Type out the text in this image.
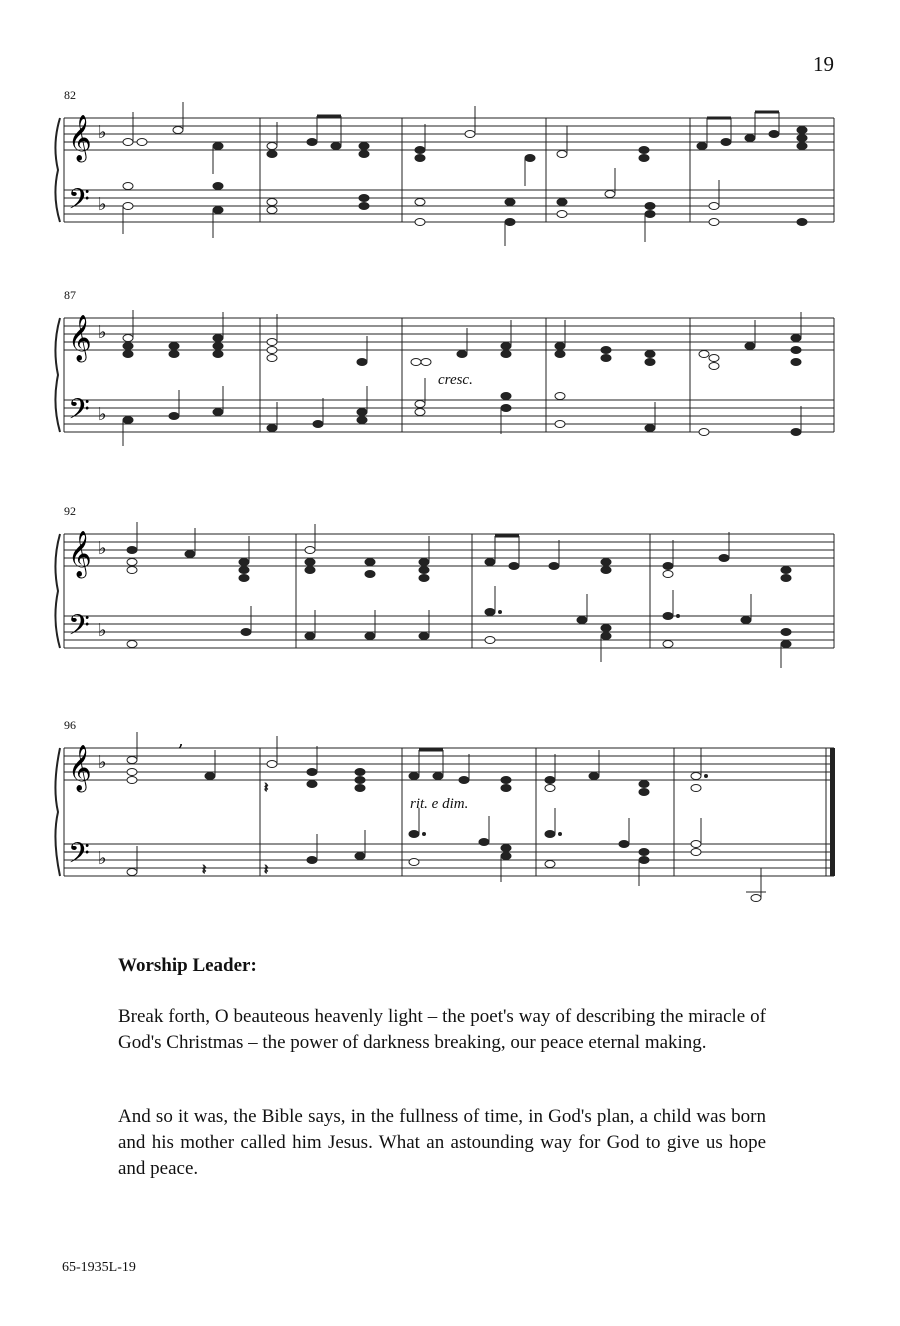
19
82
𝄞
𝄢
♭
♭
87
cresc.
𝄞
𝄢
♭
♭
92
𝄞
𝄢
♭
♭
96
rit. e dim.
𝄞
𝄢
♭
♭
,
𝄽
𝄽	𝄽
Worship Leader:

Break forth, O beauteous heavenly light – the poet's way of describing the miracle of God's Christmas – the power of darkness breaking, our peace eternal making.

And so it was, the Bible says, in the fullness of time, in God's plan, a child was born and his mother called him Jesus. What an astounding way for God to give us hope and peace.

65-1935L-19
